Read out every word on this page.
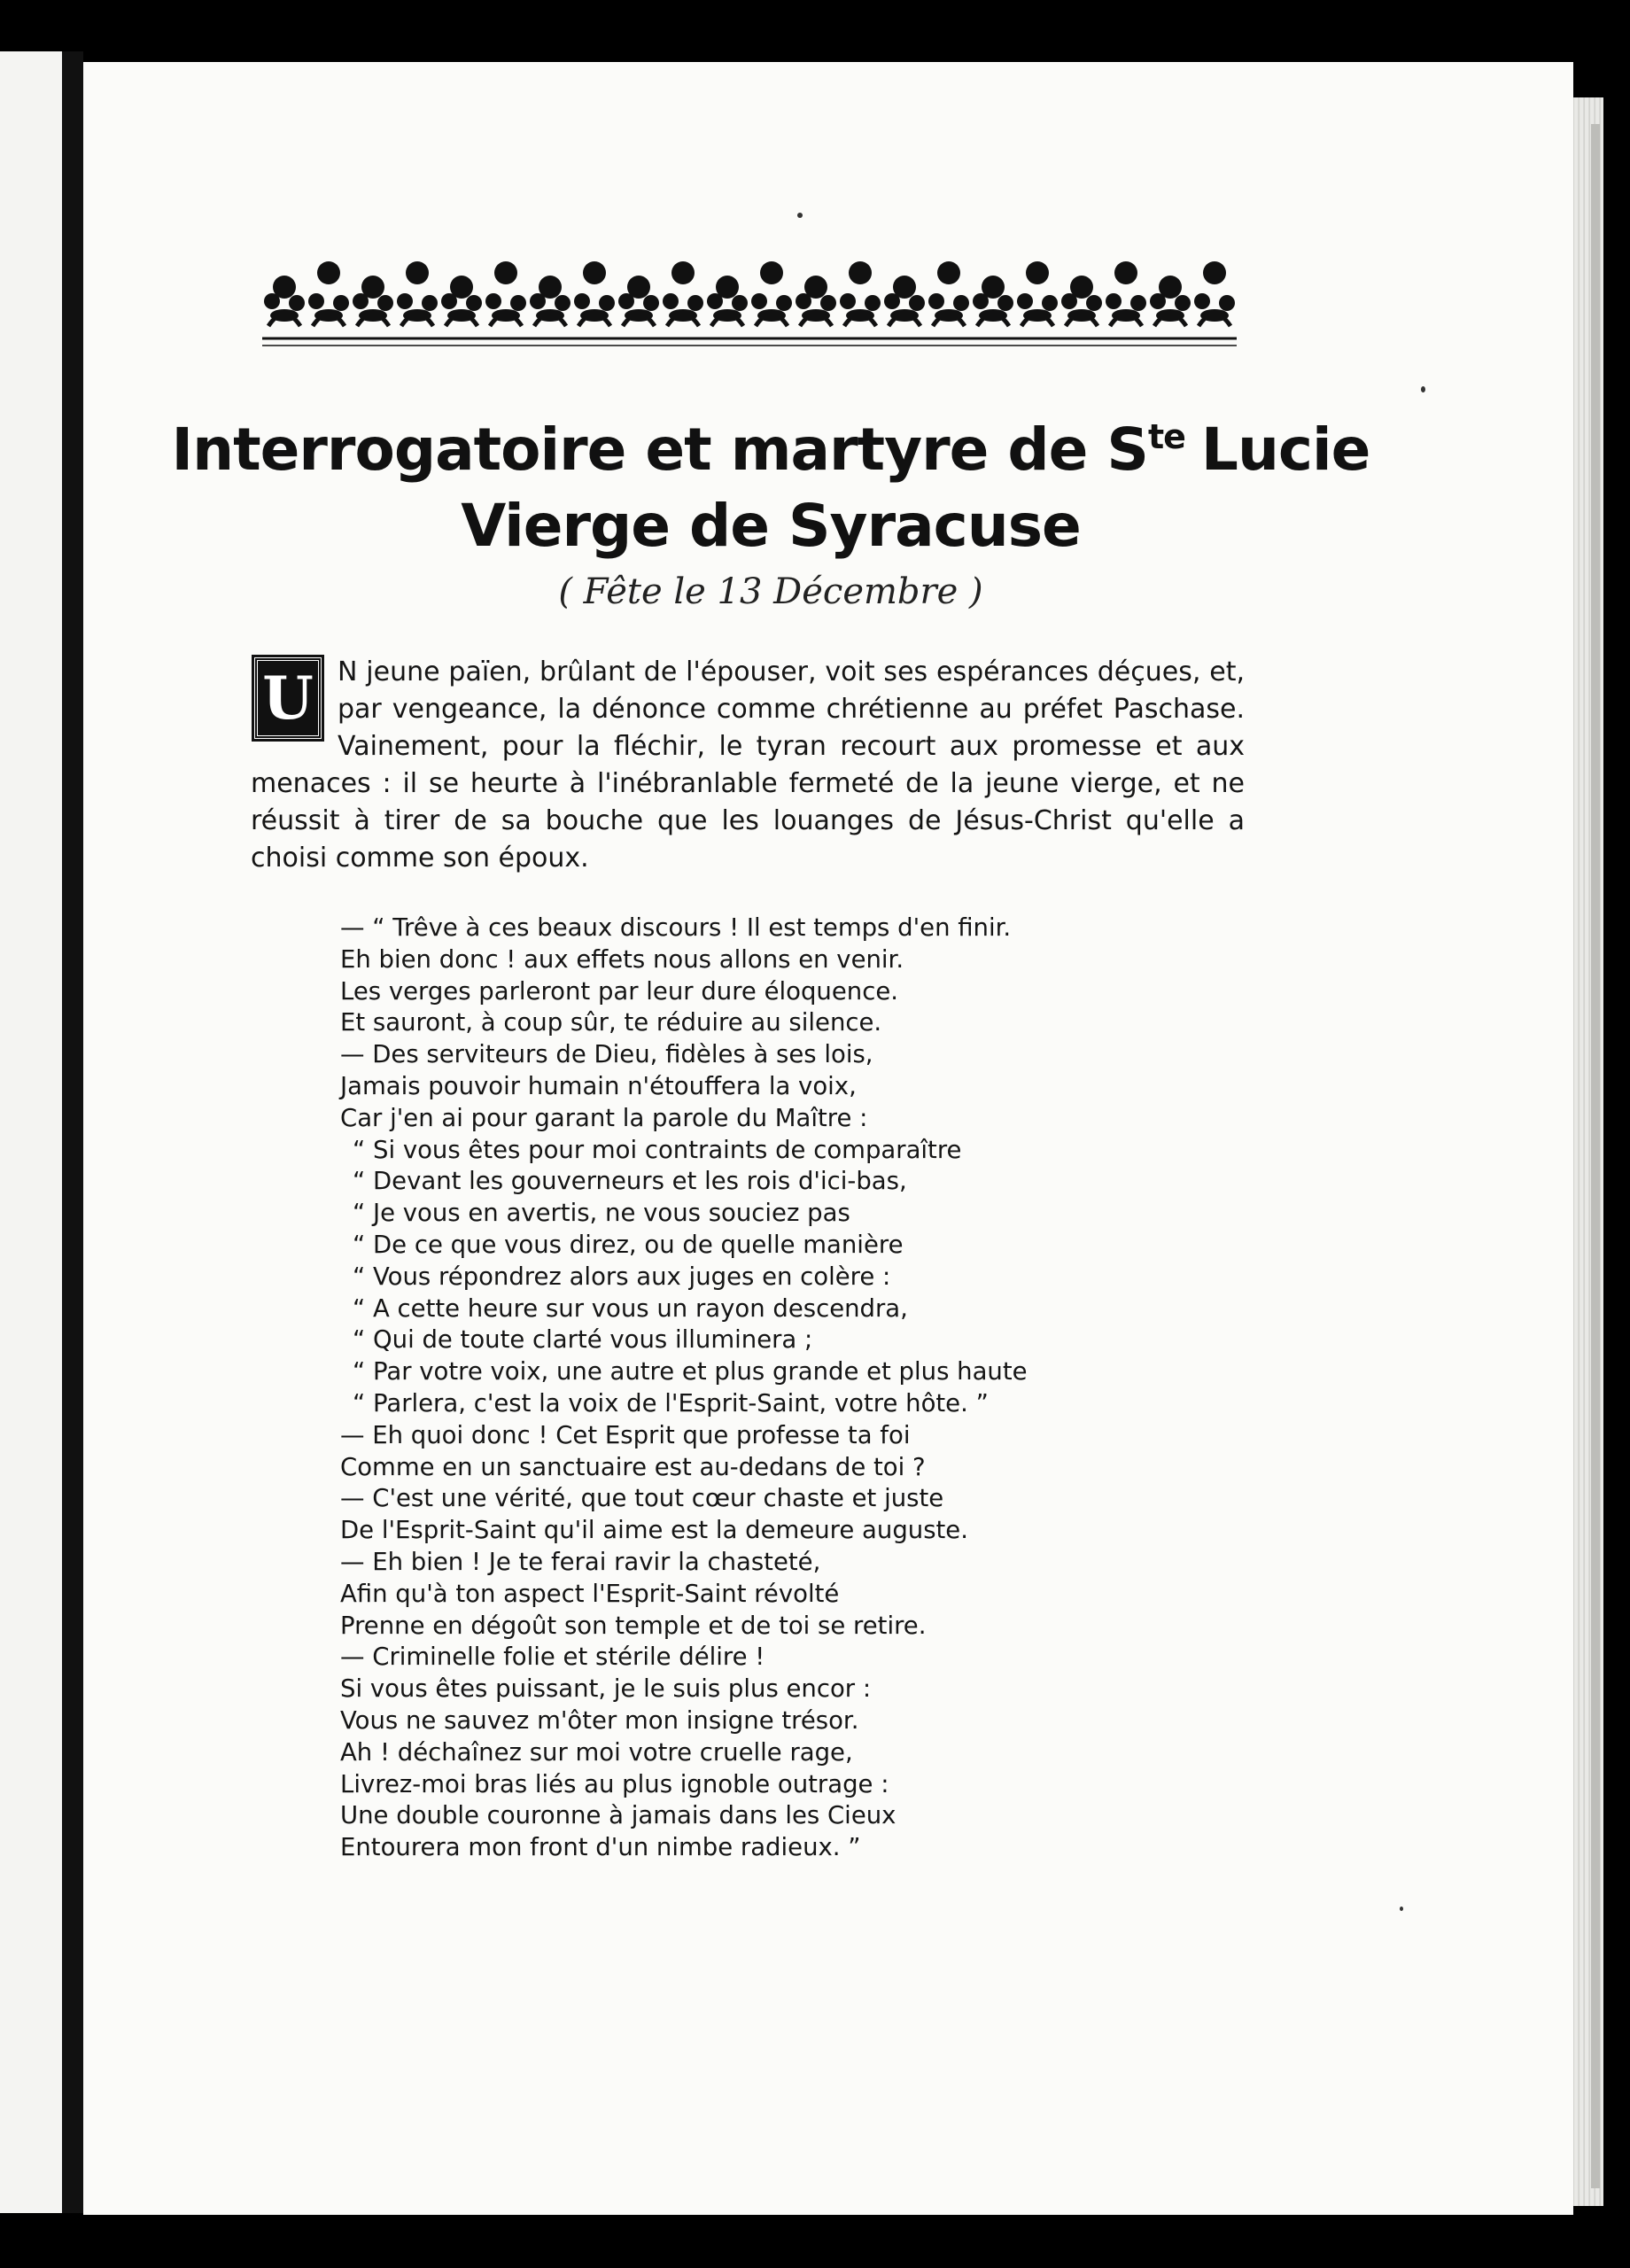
Interrogatoire et martyre de $S^{te}$ Lucie
Vierge de Syracuse
( Fête le 13 Décembre )
U N jeune païen, brûlant de l'épouser, voit ses espérances déçues, et, par vengeance, la dénonce comme chrétienne au préfet Paschase. Vainement, pour la fléchir, le tyran recourt aux promesse et aux menaces : il se heurte à l'inébranlable fermeté de la jeune vierge, et ne réussit à tirer de sa bouche que les louanges de Jésus-Christ qu'elle a choisi comme son époux.
— “ Trêve à ces beaux discours ! Il est temps d'en finir.
Eh bien donc ! aux effets nous allons en venir.
Les verges parleront par leur dure éloquence.
Et sauront, à coup sûr, te réduire au silence.
— Des serviteurs de Dieu, fidèles à ses lois,
Jamais pouvoir humain n'étouffera la voix,
Car j'en ai pour garant la parole du Maître :
“ Si vous êtes pour moi contraints de comparaître
“ Devant les gouverneurs et les rois d'ici-bas,
“ Je vous en avertis, ne vous souciez pas
“ De ce que vous direz, ou de quelle manière
“ Vous répondrez alors aux juges en colère :
“ A cette heure sur vous un rayon descendra,
“ Qui de toute clarté vous illuminera ;
“ Par votre voix, une autre et plus grande et plus haute
“ Parlera, c'est la voix de l'Esprit-Saint, votre hôte. ”
— Eh quoi donc ! Cet Esprit que professe ta foi
Comme en un sanctuaire est au-dedans de toi ?
— C'est une vérité, que tout cœur chaste et juste
De l'Esprit-Saint qu'il aime est la demeure auguste.
— Eh bien ! Je te ferai ravir la chasteté,
Afin qu'à ton aspect l'Esprit-Saint révolté
Prenne en dégoût son temple et de toi se retire.
— Criminelle folie et stérile délire !
Si vous êtes puissant, je le suis plus encor :
Vous ne sauvez m'ôter mon insigne trésor.
Ah ! déchaînez sur moi votre cruelle rage,
Livrez-moi bras liés au plus ignoble outrage :
Une double couronne à jamais dans les Cieux
Entourera mon front d'un nimbe radieux. ”
